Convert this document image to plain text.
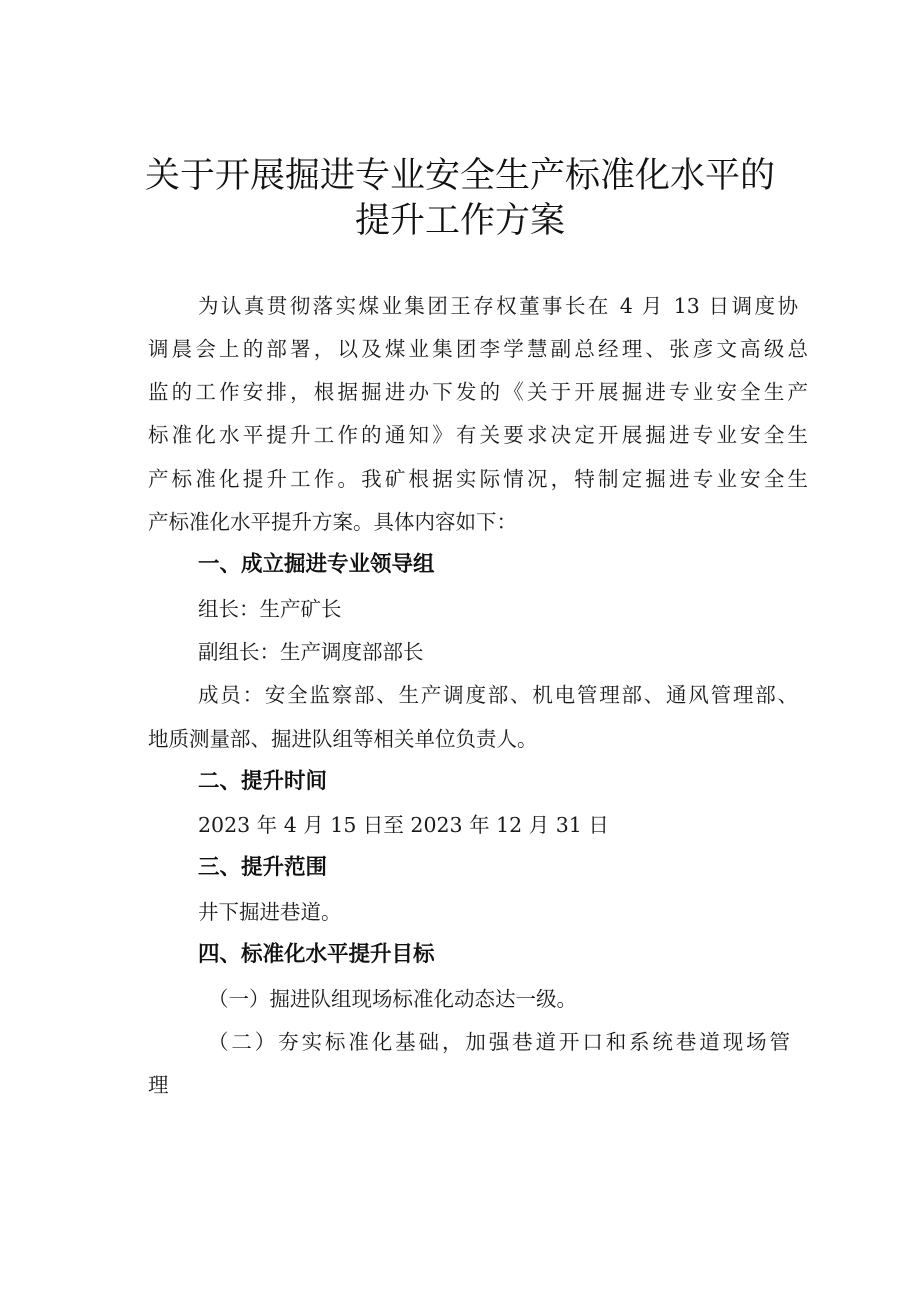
关于开展掘进专业安全生产标准化水平的
提升工作方案
为认真贯彻落实煤业集团王存权董事长在 4 月 13 日调度协
调晨会上的部署，以及煤业集团李学慧副总经理、张彦文高级总
监的工作安排，根据掘进办下发的《关于开展掘进专业安全生产
标准化水平提升工作的通知》有关要求决定开展掘进专业安全生
产标准化提升工作。我矿根据实际情况，特制定掘进专业安全生
产标准化水平提升方案。具体内容如下：
一、成立掘进专业领导组
组长：生产矿长
副组长：生产调度部部长
成员：安全监察部、生产调度部、机电管理部、通风管理部、
地质测量部、掘进队组等相关单位负责人。
二、提升时间
2023 年 4 月 15 日至 2023 年 12 月 31 日
三、提升范围
井下掘进巷道。
四、标准化水平提升目标
（一）掘进队组现场标准化动态达一级。
（二）夯实标准化基础，加强巷道开口和系统巷道现场管
理
